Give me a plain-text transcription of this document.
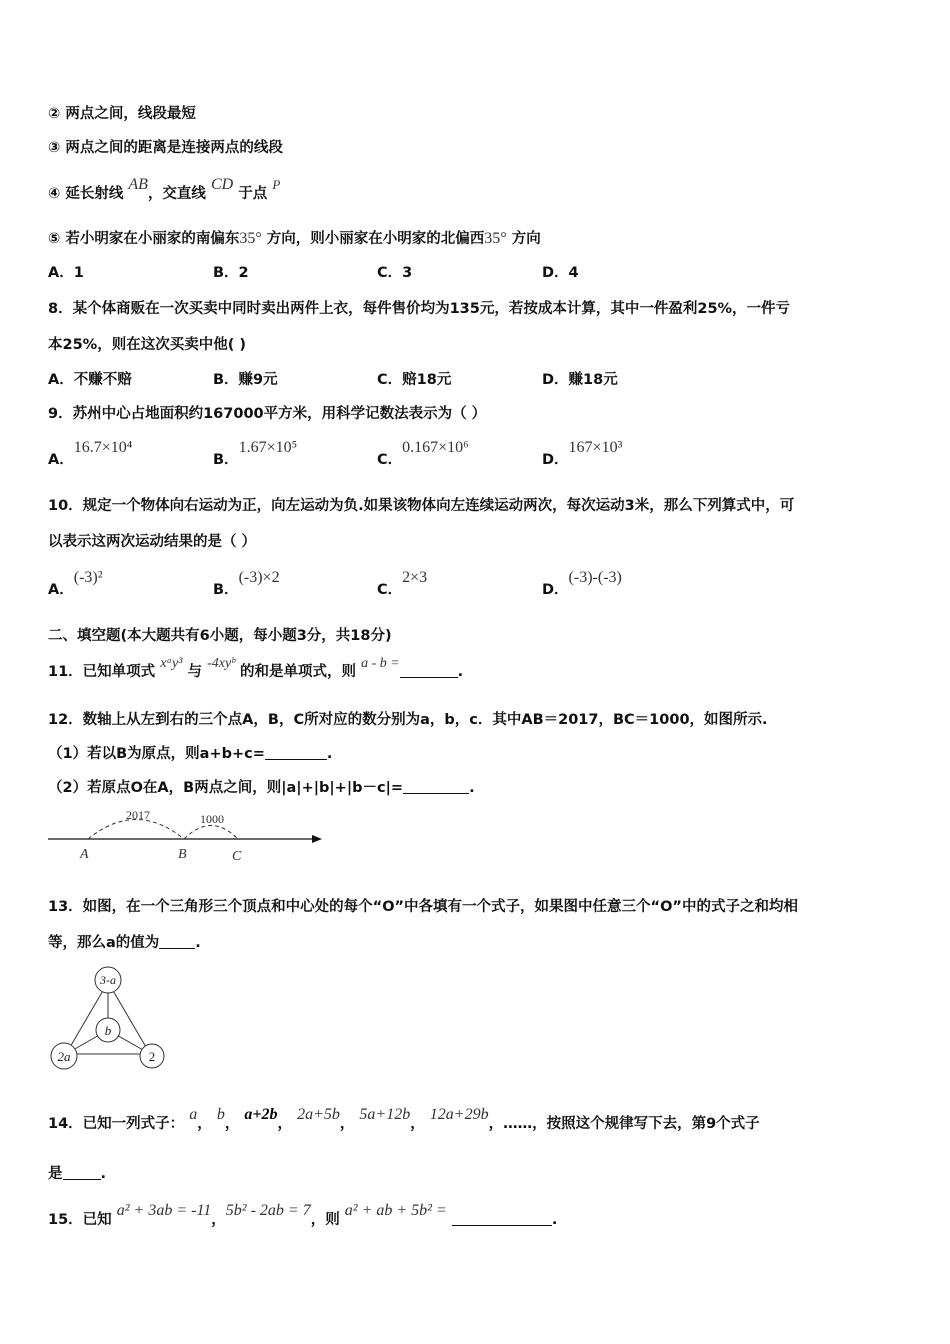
② 两点之间，线段最短
③ 两点之间的距离是连接两点的线段
④ 延长射线 AB，交直线 CD 于点 P
⑤ 若小明家在小丽家的南偏东35° 方向，则小丽家在小明家的北偏西35° 方向
A．1	B．2	C．3	D．4
8．某个体商贩在一次买卖中同时卖出两件上衣，每件售价均为135元，若按成本计算，其中一件盈利25%，一件亏
本25%，则在这次买卖中他( )
A．不赚不赔	B．赚9元	C．赔18元	D．赚18元
9．苏州中心占地面积约167000平方米，用科学记数法表示为（ ）
A．16.7×10⁴
B．1.67×10⁵
C．0.167×10⁶
D．167×10³
10．规定一个物体向右运动为正，向左运动为负.如果该物体向左连续运动两次，每次运动3米，那么下列算式中，可
以表示这两次运动结果的是（ ）
A．(-3)²
B．(-3)×2
C．2×3
D．(-3)-(-3)
二、填空题(本大题共有6小题，每小题3分，共18分)
11．已知单项式 xᵃy³ 与 -4xyᵇ 的和是单项式，则 a - b =.
12．数轴上从左到右的三个点A，B，C所对应的数分别为a，b，c．其中AB＝2017，BC＝1000，如图所示.
（1）若以B为原点，则a+b+c=	.
（2）若原点O在A，B两点之间，则|a|+|b|+|b－c|=	.
2017	1000
A	B	C
13．如图，在一个三角形三个顶点和中心处的每个“O”中各填有一个式子，如果图中任意三个“O”中的式子之和均相
等，那么a的值为 .
3-a
b
2a	2
14．已知一列式子： a， b， a+2b， 2a+5b， 5a+12b， 12a+29b，……，按照这个规律写下去，第9个式子
是	.
15．已知 a² + 3ab = -11，5b² - 2ab = 7，则 a² + ab + 5b² = .
